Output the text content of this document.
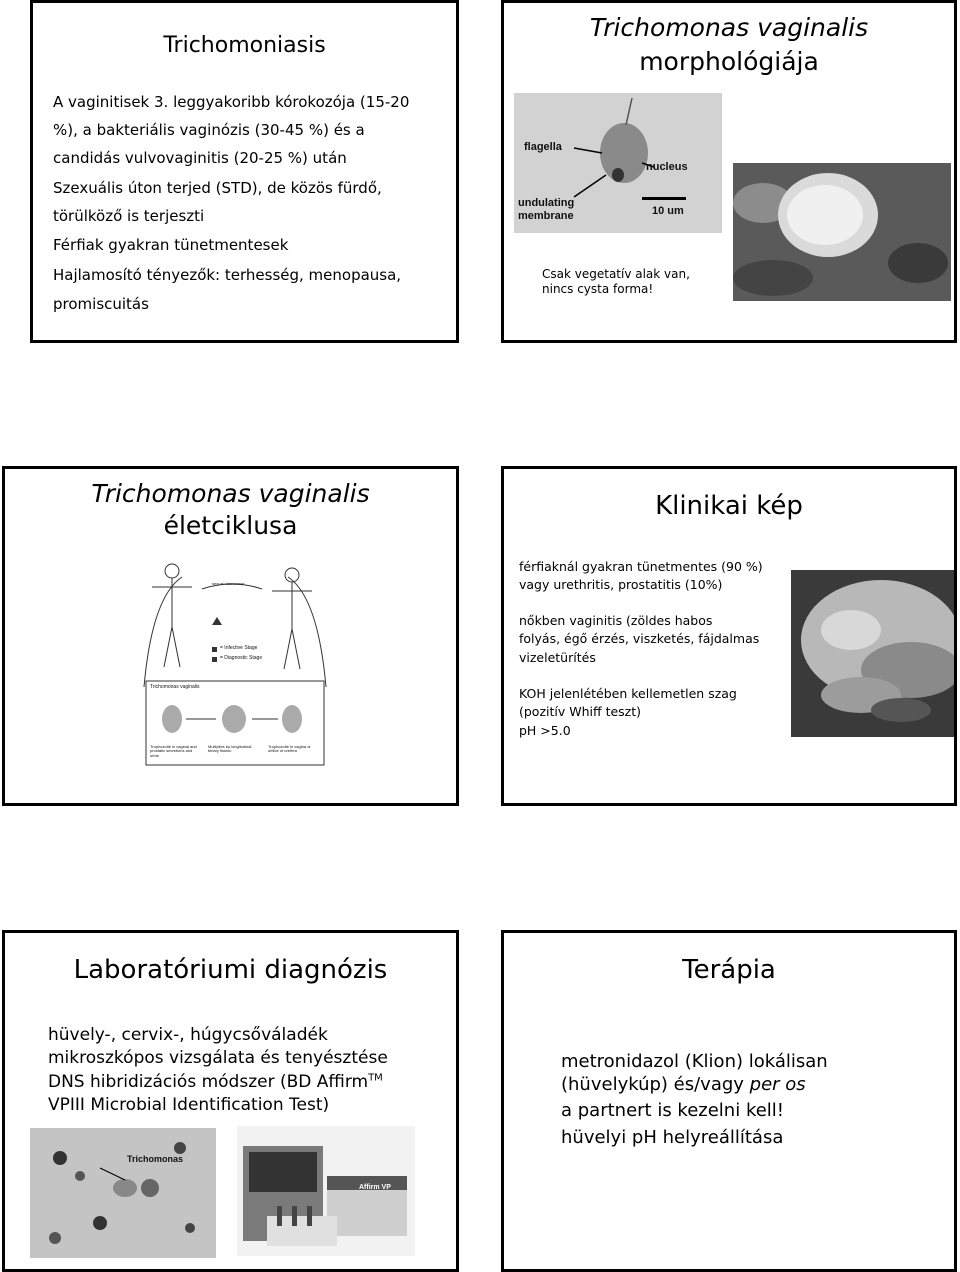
Trichomoniasis
A vaginitisek 3. leggyakoribb kórokozója (15-20
%), a bakteriális vaginózis (30-45 %) és a
candidás vulvovaginitis (20-25 %) után
Szexuális úton terjed (STD), de közös fürdő,
törülköző is terjeszti
Férfiak gyakran tünetmentesek
Hajlamosító tényezők: terhesség, menopausa,
promiscuitás
Trichomonas vaginalis
morphológiája
flagella
nucleus
undulating
membrane	10 um
Csak vegetatív alak van,
nincs cysta forma!
Trichomonas vaginalis
életciklusa
sexual intercourse
= Infective Stage
= Diagnostic Stage
Trichomonas vaginalis
Trophozoite in vaginal and prostatic secretions and urine
Multiplies by longitudinal binary fission
Trophozoite in vagina or orifice of urethra
Klinikai kép
férfiaknál gyakran tünetmentes (90 %)
vagy urethritis, prostatitis (10%)
nőkben vaginitis (zöldes habos
folyás, égő érzés, viszketés, fájdalmas
vizeletürítés
KOH jelenlétében kellemetlen szag
(pozitív Whiff teszt)
pH >5.0
Laboratóriumi diagnózis
hüvely-, cervix-, húgycsőváladék
mikroszkópos vizsgálata és tenyésztése
DNS hibridizációs módszer (BD Affirm™
VPIII Microbial Identification Test)
Trichomonas
Affirm VP
Terápia
metronidazol (Klion) lokálisan
(hüvelykúp) és/vagy per os
a partnert is kezelni kell!
hüvelyi pH helyreállítása
